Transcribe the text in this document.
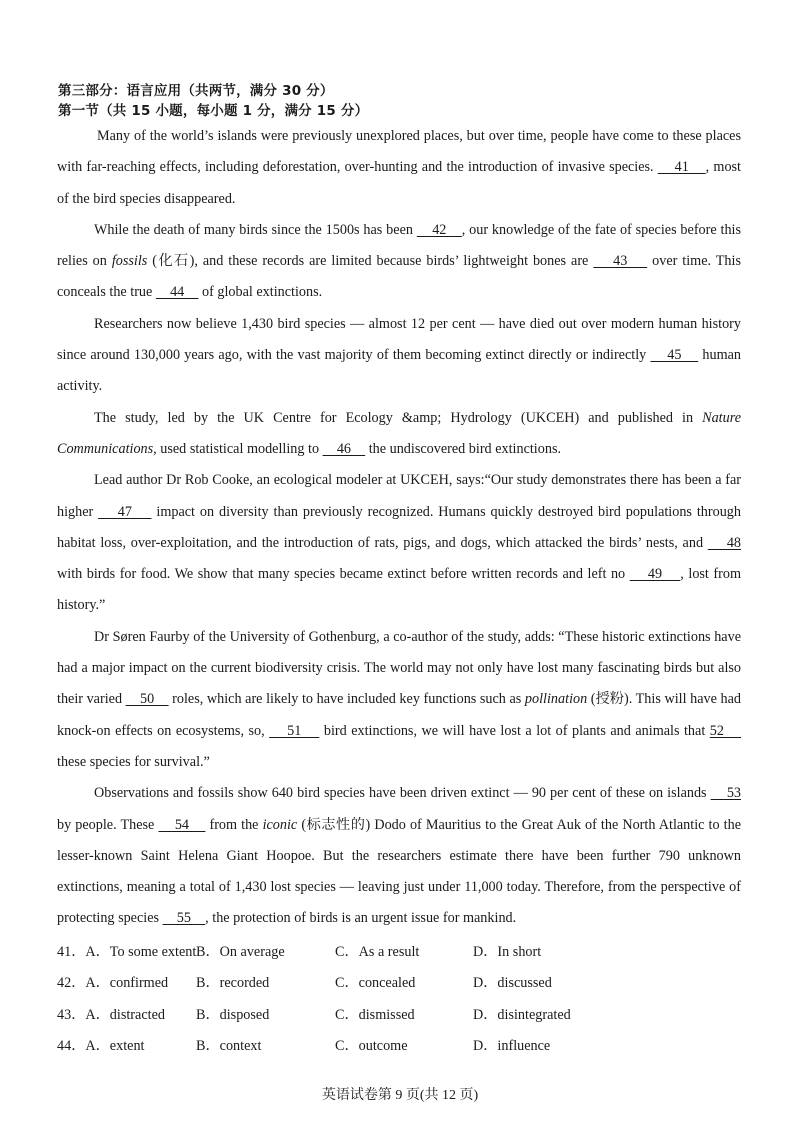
第三部分：语言应用（共两节，满分 30 分）
第一节（共 15 小题，每小题 1 分，满分 15 分）

Many of the world’s islands were previously unexplored places, but over time, people have come to these places with far-reaching effects, including deforestation, over-hunting and the introduction of invasive species.     41    , most of the bird species disappeared.

While the death of many birds since the 1500s has been     42    , our knowledge of the fate of species before this relies on fossils (化石), and these records are limited because birds’ lightweight bones are     43     over time. This conceals the true     44     of global extinctions.

Researchers now believe 1,430 bird species — almost 12 per cent — have died out over modern human history since around 130,000 years ago, with the vast majority of them becoming extinct directly or indirectly     45     human activity.

The study, led by the UK Centre for Ecology &amp; Hydrology (UKCEH) and published in Nature Communications, used statistical modelling to     46     the undiscovered bird extinctions.

Lead author Dr Rob Cooke, an ecological modeler at UKCEH, says:“Our study demonstrates there has been a far higher     47     impact on diversity than previously recognized. Humans quickly destroyed bird populations through habitat loss, over-exploitation, and the introduction of rats, pigs, and dogs, which attacked the birds’ nests, and     48 with birds for food. We show that many species became extinct before written records and left no     49    , lost from history.”

Dr Søren Faurby of the University of Gothenburg, a co-author of the study, adds: “These historic extinctions have had a major impact on the current biodiversity crisis. The world may not only have lost many fascinating birds but also their varied     50     roles, which are likely to have included key functions such as pollination (授粉). This will have had knock-on effects on ecosystems, so,     51     bird extinctions, we will have lost a lot of plants and animals that 52     these species for survival.”

Observations and fossils show 640 bird species have been driven extinct — 90 per cent of these on islands     53 by people. These     54     from the iconic (标志性的) Dodo of Mauritius to the Great Auk of the North Atlantic to the lesser-known Saint Helena Giant Hoopoe. But the researchers estimate there have been further 790 unknown extinctions, meaning a total of 1,430 lost species — leaving just under 11,000 today. Therefore, from the perspective of protecting species     55    , the protection of birds is an urgent issue for mankind.

41．A．To some extent B．On average	C．As a result	D．In short
42．A．confirmed B．recorded	C．concealed	D．discussed
43．A．distracted B．disposed	C．dismissed	D．disintegrated
44．A．extent	B．context	C．outcome	D．influence
英语试卷第 9 页(共 12 页)
